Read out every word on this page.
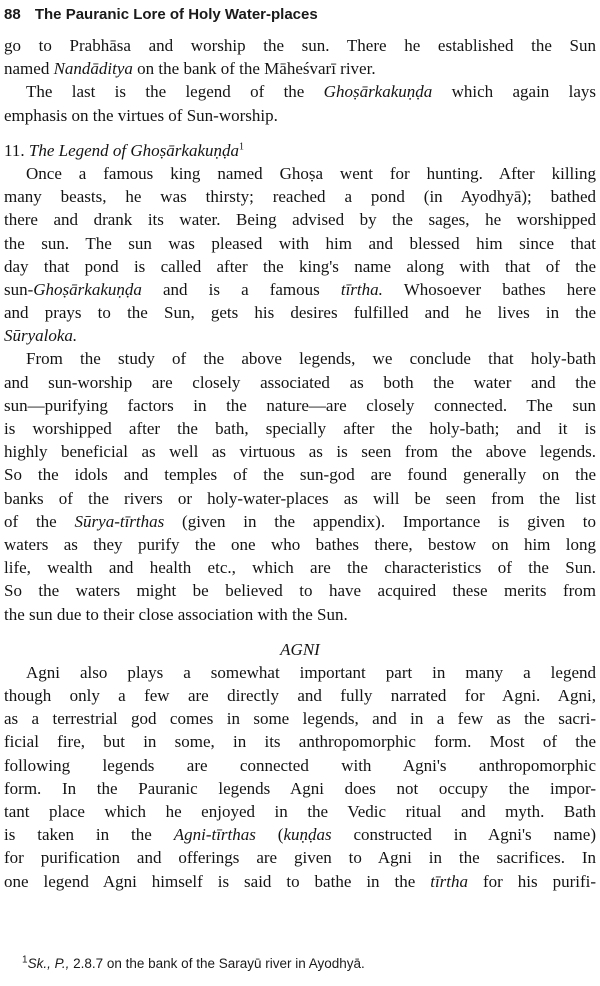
88 The Pauranic Lore of Holy Water-places
go to Prabhāsa and worship the sun. There he established the Sun
named Nandāditya on the bank of the Māheśvarī river.
The last is the legend of the Ghoṣārkakuṇḍa which again lays
emphasis on the virtues of Sun-worship.
11. The Legend of Ghoṣārkakuṇḍa$^1$
Once a famous king named Ghoṣa went for hunting. After killing
many beasts, he was thirsty; reached a pond (in Ayodhyā); bathed
there and drank its water. Being advised by the sages, he worshipped
the sun. The sun was pleased with him and blessed him since that
day that pond is called after the king's name along with that of the
sun-Ghoṣārkakuṇḍa and is a famous tīrtha. Whosoever bathes here
and prays to the Sun, gets his desires fulfilled and he lives in the
Sūryaloka.
From the study of the above legends, we conclude that holy-bath
and sun-worship are closely associated as both the water and the
sun—purifying factors in the nature—are closely connected. The sun
is worshipped after the bath, specially after the holy-bath; and it is
highly beneficial as well as virtuous as is seen from the above legends.
So the idols and temples of the sun-god are found generally on the
banks of the rivers or holy-water-places as will be seen from the list
of the Sūrya-tīrthas (given in the appendix). Importance is given to
waters as they purify the one who bathes there, bestow on him long
life, wealth and health etc., which are the characteristics of the Sun.
So the waters might be believed to have acquired these merits from
the sun due to their close association with the Sun.
AGNI
Agni also plays a somewhat important part in many a legend
though only a few are directly and fully narrated for Agni. Agni,
as a terrestrial god comes in some legends, and in a few as the sacri-
ficial fire, but in some, in its anthropomorphic form. Most of the
following legends are connected with Agni's anthropomorphic
form. In the Pauranic legends Agni does not occupy the impor-
tant place which he enjoyed in the Vedic ritual and myth. Bath
is taken in the Agni-tīrthas (kuṇḍas constructed in Agni's name)
for purification and offerings are given to Agni in the sacrifices. In
one legend Agni himself is said to bathe in the tīrtha for his purifi-
$^1$Sk., P., 2.8.7 on the bank of the Sarayū river in Ayodhyā.
